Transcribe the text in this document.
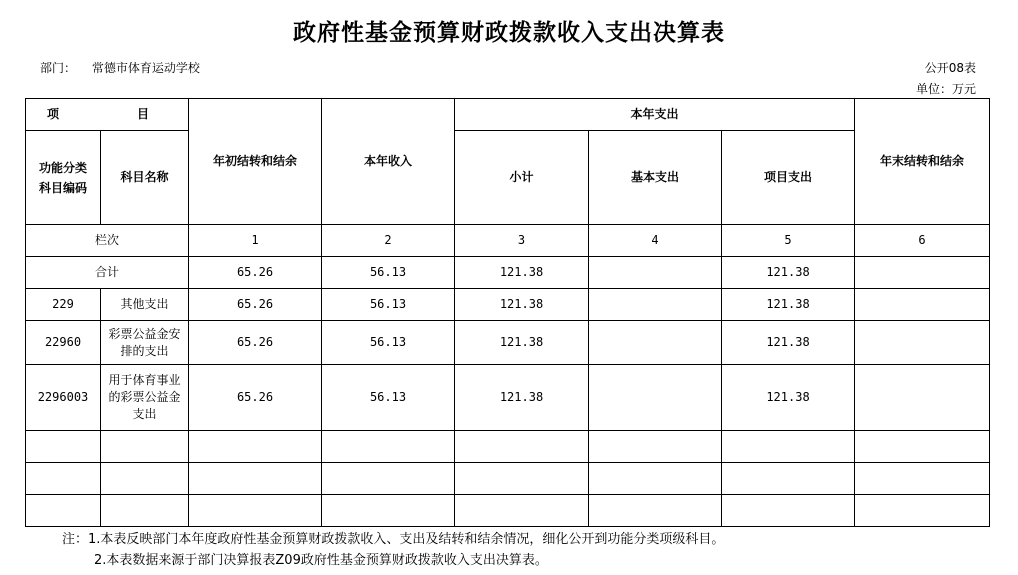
政府性基金预算财政拨款收入支出决算表
部门： 常德市体育运动学校	公开08表
单位：万元
项　　目		年初结转和结余	本年收入	本年支出			年末结转和结余
功能分类
科目编码	科目名称			小计	基本支出	项目支出	
栏次		1	2	3	4	5	6
合计		65.26	56.13	121.38		121.38	
229	其他支出	65.26	56.13	121.38		121.38	
22960	彩票公益金安排的支出	65.26	56.13	121.38		121.38	
2296003	用于体育事业的彩票公益金支出	65.26	56.13	121.38		121.38	

注：1.本表反映部门本年度政府性基金预算财政拨款收入、支出及结转和结余情况，细化公开到功能分类项级科目。
2.本表数据来源于部门决算报表Z09政府性基金预算财政拨款收入支出决算表。
